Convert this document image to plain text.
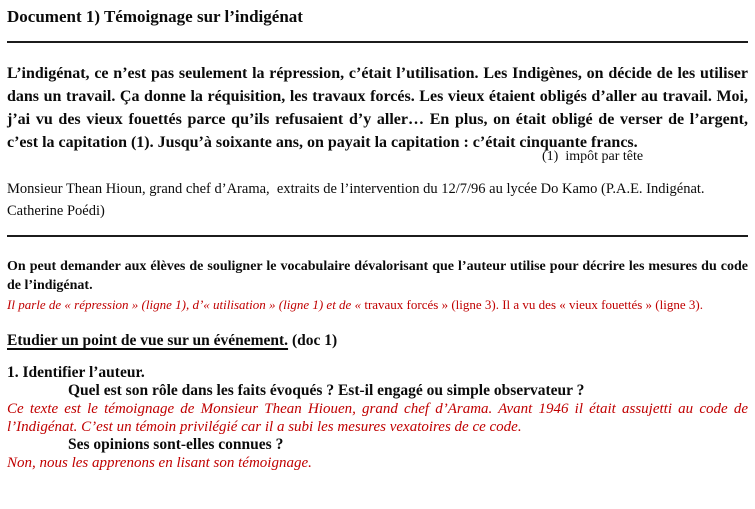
Document 1) Témoignage sur l’indigénat

L’indigénat, ce n’est pas seulement la répression, c’était l’utilisation. Les Indigènes, on décide de les utiliser dans un travail. Ça donne la réquisition, les travaux forcés. Les vieux étaient obligés d’aller au travail. Moi, j’ai vu des vieux fouettés parce qu’ils refusaient d’y aller… En plus, on était obligé de verser de l’argent, c’est la capitation (1). Jusqu’à soixante ans, on payait la capitation : c’était cinquante francs.

(1)  impôt par tête

Monsieur Thean Hioun, grand chef d’Arama,  extraits de l’intervention du 12/7/96 au lycée Do Kamo (P.A.E. Indigénat. Catherine Poédi)

On peut demander aux élèves de souligner le vocabulaire dévalorisant que l’auteur utilise pour décrire les mesures du code de l’indigénat.

Il parle de « répression » (ligne 1), d’« utilisation » (ligne 1) et de « travaux forcés » (ligne 3). Il a vu des « vieux fouettés » (ligne 3).

Etudier un point de vue sur un événement. (doc 1)

1. Identifier l’auteur.

Quel est son rôle dans les faits évoqués ? Est-il engagé ou simple observateur ?

Ce texte est le témoignage de Monsieur Thean Hiouen, grand chef d’Arama. Avant 1946 il était assujetti au code de l’Indigénat. C’est un témoin privilégié car il a subi les mesures vexatoires de ce code.

Ses opinions sont-elles connues ?

Non, nous les apprenons en lisant son témoignage.
